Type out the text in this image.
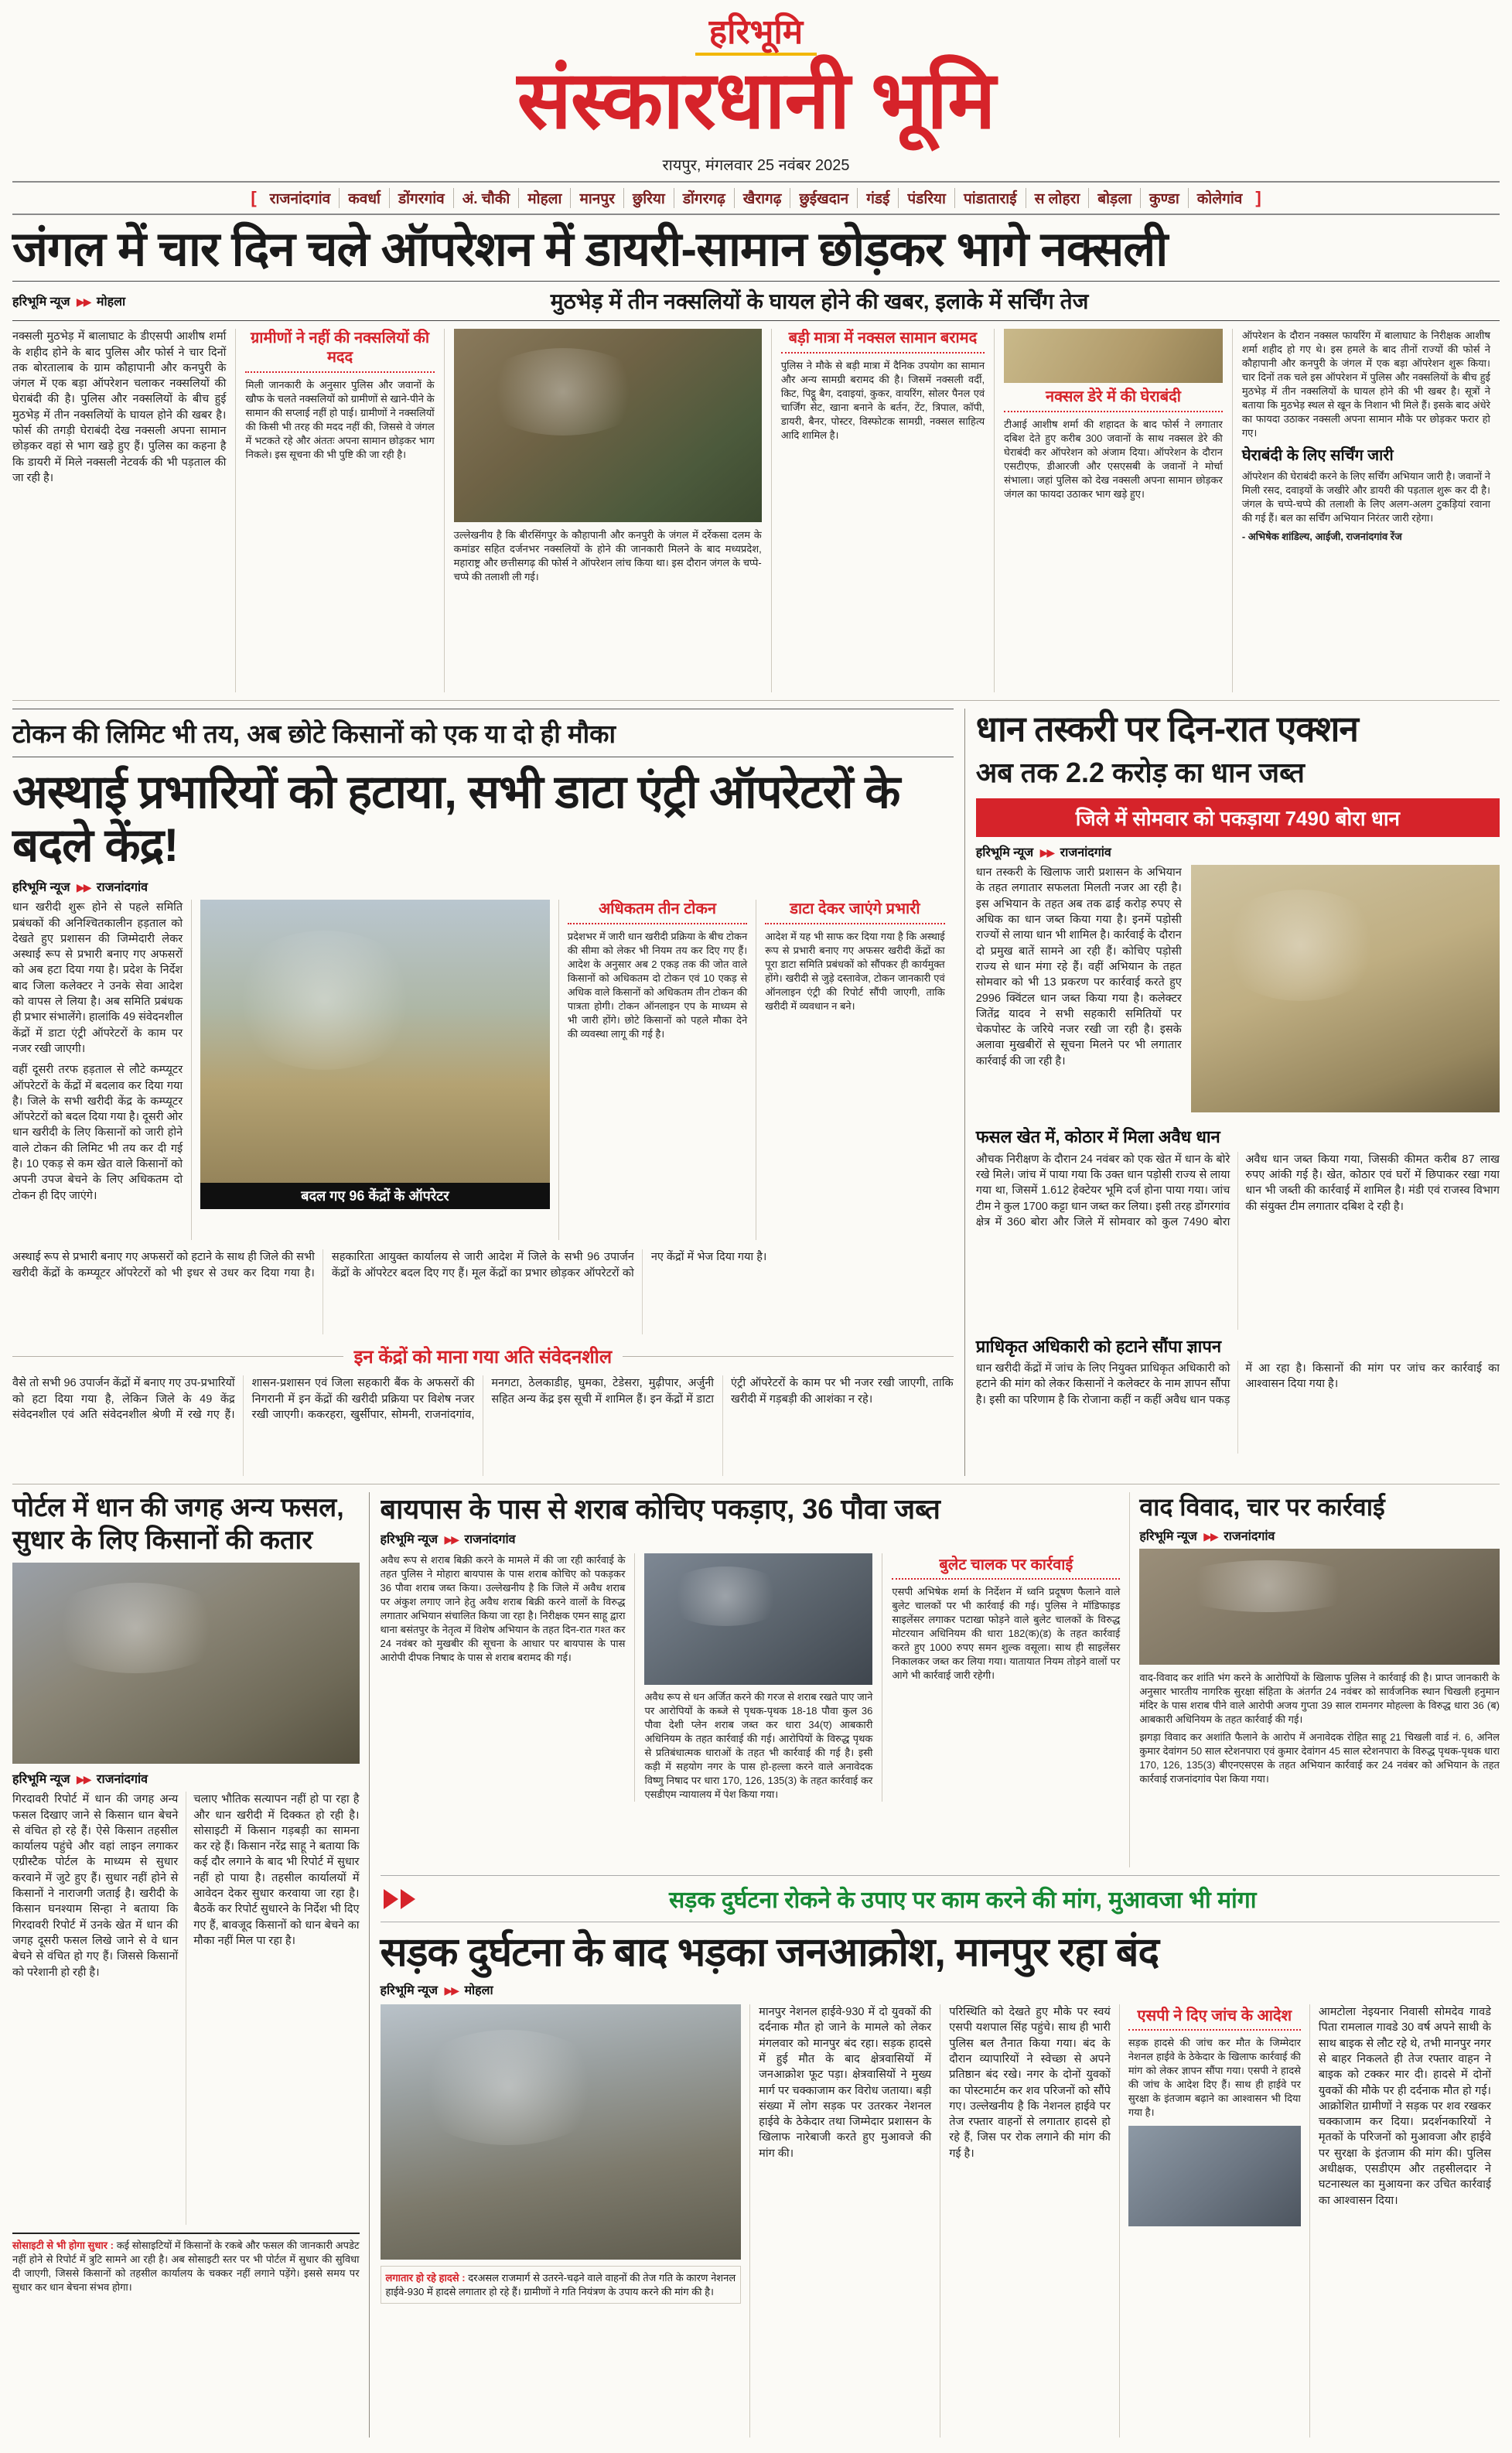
हरिभूमि
संस्कारधानी भूमि
रायपुर, मंगलवार 25 नवंबर 2025
[ राजनांदगांव कवर्धा डोंगरगांव अं. चौकी मोहला मानपुर छुरिया डोंगरगढ़ खैरागढ़ छुईखदान गंडई पंडरिया पांडाताराई स लोहरा बोड़ला कुण्डा कोलेगांव ]
जंगल में चार दिन चले ऑपरेशन में डायरी-सामान छोड़कर भागे नक्सली
हरिभूमि न्यूज ▶▶ मोहला	मुठभेड़ में तीन नक्सलियों के घायल होने की खबर, इलाके में सर्चिंग तेज

नक्सली मुठभेड़ में बालाघाट के डीएसपी आशीष शर्मा के शहीद होने के बाद पुलिस और फोर्स ने चार दिनों तक बोरतालाब के ग्राम कौहापानी और कनपुरी के जंगल में एक बड़ा ऑपरेशन चलाकर नक्सलियों की घेराबंदी की है। पुलिस और नक्सलियों के बीच हुई मुठभेड़ में तीन नक्सलियों के घायल होने की खबर है। फोर्स की तगड़ी घेराबंदी देख नक्सली अपना सामान छोड़कर वहां से भाग खड़े हुए हैं। पुलिस का कहना है कि डायरी में मिले नक्सली नेटवर्क की भी पड़ताल की जा रही है।

ग्रामीणों ने नहीं की नक्सलियों की मदद

मिली जानकारी के अनुसार पुलिस और जवानों के खौफ के चलते नक्सलियों को ग्रामीणों से खाने-पीने के सामान की सप्लाई नहीं हो पाई। ग्रामीणों ने नक्सलियों की किसी भी तरह की मदद नहीं की, जिससे वे जंगल में भटकते रहे और अंततः अपना सामान छोड़कर भाग निकले। इस सूचना की भी पुष्टि की जा रही है।

उल्लेखनीय है कि बीरसिंगपुर के कौहापानी और कनपुरी के जंगल में दर्रेकसा दलम के कमांडर सहित दर्जनभर नक्सलियों के होने की जानकारी मिलने के बाद मध्यप्रदेश, महाराष्ट्र और छत्तीसगढ़ की फोर्स ने ऑपरेशन लांच किया था। इस दौरान जंगल के चप्पे-चप्पे की तलाशी ली गई।

बड़ी मात्रा में नक्सल सामान बरामद

पुलिस ने मौके से बड़ी मात्रा में दैनिक उपयोग का सामान और अन्य सामग्री बरामद की है। जिसमें नक्सली वर्दी, किट, पिट्ठू बैग, दवाइयां, कुकर, वायरिंग, सोलर पैनल एवं चार्जिंग सेट, खाना बनाने के बर्तन, टेंट, त्रिपाल, कॉपी, डायरी, बैनर, पोस्टर, विस्फोटक सामग्री, नक्सल साहित्य आदि शामिल है।

नक्सल डेरे में की घेराबंदी

टीआई आशीष शर्मा की शहादत के बाद फोर्स ने लगातार दबिश देते हुए करीब 300 जवानों के साथ नक्सल डेरे की घेराबंदी कर ऑपरेशन को अंजाम दिया। ऑपरेशन के दौरान एसटीएफ, डीआरजी और एसएसबी के जवानों ने मोर्चा संभाला। जहां पुलिस को देख नक्सली अपना सामान छोड़कर जंगल का फायदा उठाकर भाग खड़े हुए।

ऑपरेशन के दौरान नक्सल फायरिंग में बालाघाट के निरीक्षक आशीष शर्मा शहीद हो गए थे। इस हमले के बाद तीनों राज्यों की फोर्स ने कौहापानी और कनपुरी के जंगल में एक बड़ा ऑपरेशन शुरू किया। चार दिनों तक चले इस ऑपरेशन में पुलिस और नक्सलियों के बीच हुई मुठभेड़ में तीन नक्सलियों के घायल होने की भी खबर है। सूत्रों ने बताया कि मुठभेड़ स्थल से खून के निशान भी मिले हैं। इसके बाद अंधेरे का फायदा उठाकर नक्सली अपना सामान मौके पर छोड़कर फरार हो गए।

घेराबंदी के लिए सर्चिंग जारी

ऑपरेशन की घेराबंदी करने के लिए सर्चिंग अभियान जारी है। जवानों ने मिली रसद, दवाइयों के जखीरे और डायरी की पड़ताल शुरू कर दी है। जंगल के चप्पे-चप्पे की तलाशी के लिए अलग-अलग टुकड़ियां रवाना की गई हैं। बल का सर्चिंग अभियान निरंतर जारी रहेगा।

- अभिषेक शांडिल्य, आईजी, राजनांदगांव रेंज

टोकन की लिमिट भी तय, अब छोटे किसानों को एक या दो ही मौका
अस्थाई प्रभारियों को हटाया, सभी डाटा एंट्री ऑपरेटरों के बदले केंद्र!
हरिभूमि न्यूज ▶▶ राजनांदगांव

धान खरीदी शुरू होने से पहले समिति प्रबंधकों की अनिश्चितकालीन हड़ताल को देखते हुए प्रशासन की जिम्मेदारी लेकर अस्थाई रूप से प्रभारी बनाए गए अफसरों को अब हटा दिया गया है। प्रदेश के निर्देश बाद जिला कलेक्टर ने उनके सेवा आदेश को वापस ले लिया है। अब समिति प्रबंधक ही प्रभार संभालेंगे। हालांकि 49 संवेदनशील केंद्रों में डाटा एंट्री ऑपरेटरों के काम पर नजर रखी जाएगी।

वहीं दूसरी तरफ हड़ताल से लौटे कम्प्यूटर ऑपरेटरों के केंद्रों में बदलाव कर दिया गया है। जिले के सभी खरीदी केंद्र के कम्प्यूटर ऑपरेटरों को बदल दिया गया है। दूसरी ओर धान खरीदी के लिए किसानों को जारी होने वाले टोकन की लिमिट भी तय कर दी गई है। 10 एकड़ से कम खेत वाले किसानों को अपनी उपज बेचने के लिए अधिकतम दो टोकन ही दिए जाएंगे।	बदल गए 96 केंद्रों के ऑपरेटर
अधिकतम तीन टोकन

प्रदेशभर में जारी धान खरीदी प्रक्रिया के बीच टोकन की सीमा को लेकर भी नियम तय कर दिए गए हैं। आदेश के अनुसार अब 2 एकड़ तक की जोत वाले किसानों को अधिकतम दो टोकन एवं 10 एकड़ से अधिक वाले किसानों को अधिकतम तीन टोकन की पात्रता होगी। टोकन ऑनलाइन एप के माध्यम से भी जारी होंगे। छोटे किसानों को पहले मौका देने की व्यवस्था लागू की गई है।

डाटा देकर जाएंगे प्रभारी

आदेश में यह भी साफ कर दिया गया है कि अस्थाई रूप से प्रभारी बनाए गए अफसर खरीदी केंद्रों का पूरा डाटा समिति प्रबंधकों को सौंपकर ही कार्यमुक्त होंगे। खरीदी से जुड़े दस्तावेज, टोकन जानकारी एवं ऑनलाइन एंट्री की रिपोर्ट सौंपी जाएगी, ताकि खरीदी में व्यवधान न बने।

अस्थाई रूप से प्रभारी बनाए गए अफसरों को हटाने के साथ ही जिले की सभी खरीदी केंद्रों के कम्प्यूटर ऑपरेटरों को भी इधर से उधर कर दिया गया है। सहकारिता आयुक्त कार्यालय से जारी आदेश में जिले के सभी 96 उपार्जन केंद्रों के ऑपरेटर बदल दिए गए हैं। मूल केंद्रों का प्रभार छोड़कर ऑपरेटरों को नए केंद्रों में भेज दिया गया है।

इन केंद्रों को माना गया अति संवेदनशील

वैसे तो सभी 96 उपार्जन केंद्रों में बनाए गए उप-प्रभारियों को हटा दिया गया है, लेकिन जिले के 49 केंद्र संवेदनशील एवं अति संवेदनशील श्रेणी में रखे गए हैं। शासन-प्रशासन एवं जिला सहकारी बैंक के अफसरों की निगरानी में इन केंद्रों की खरीदी प्रक्रिया पर विशेष नजर रखी जाएगी। ककरहरा, खुर्सीपार, सोमनी, राजनांदगांव, मनगटा, ठेलकाडीह, घुमका, टेडेसरा, मुढ़ीपार, अर्जुनी सहित अन्य केंद्र इस सूची में शामिल हैं। इन केंद्रों में डाटा एंट्री ऑपरेटरों के काम पर भी नजर रखी जाएगी, ताकि खरीदी में गड़बड़ी की आशंका न रहे।

धान तस्करी पर दिन-रात एक्शन
अब तक 2.2 करोड़ का धान जब्त
जिले में सोमवार को पकड़ाया 7490 बोरा धान
हरिभूमि न्यूज ▶▶ राजनांदगांव

धान तस्करी के खिलाफ जारी प्रशासन के अभियान के तहत लगातार सफलता मिलती नजर आ रही है। इस अभियान के तहत अब तक ढाई करोड़ रुपए से अधिक का धान जब्त किया गया है। इनमें पड़ोसी राज्यों से लाया धान भी शामिल है। कार्रवाई के दौरान दो प्रमुख बातें सामने आ रही हैं। कोचिए पड़ोसी राज्य से धान मंगा रहे हैं। वहीं अभियान के तहत सोमवार को भी 13 प्रकरण पर कार्रवाई करते हुए 2996 क्विंटल धान जब्त किया गया है। कलेक्टर जितेंद्र यादव ने सभी सहकारी समितियों पर चेकपोस्ट के जरिये नजर रखी जा रही है। इसके अलावा मुखबीरों से सूचना मिलने पर भी लगातार कार्रवाई की जा रही है।

फसल खेत में, कोठार में मिला अवैध धान

औचक निरीक्षण के दौरान 24 नवंबर को एक खेत में धान के बोरे रखे मिले। जांच में पाया गया कि उक्त धान पड़ोसी राज्य से लाया गया था, जिसमें 1.612 हेक्टेयर भूमि दर्ज होना पाया गया। जांच टीम ने कुल 1700 कट्टा धान जब्त कर लिया। इसी तरह डोंगरगांव क्षेत्र में 360 बोरा और जिले में सोमवार को कुल 7490 बोरा अवैध धान जब्त किया गया, जिसकी कीमत करीब 87 लाख रुपए आंकी गई है। खेत, कोठार एवं घरों में छिपाकर रखा गया धान भी जब्ती की कार्रवाई में शामिल है। मंडी एवं राजस्व विभाग की संयुक्त टीम लगातार दबिश दे रही है।

प्राधिकृत अधिकारी को हटाने सौंपा ज्ञापन

धान खरीदी केंद्रों में जांच के लिए नियुक्त प्राधिकृत अधिकारी को हटाने की मांग को लेकर किसानों ने कलेक्टर के नाम ज्ञापन सौंपा है। इसी का परिणाम है कि रोजाना कहीं न कहीं अवैध धान पकड़ में आ रहा है। किसानों की मांग पर जांच कर कार्रवाई का आश्वासन दिया गया है।

पोर्टल में धान की जगह अन्य फसल, सुधार के लिए किसानों की कतार
हरिभूमि न्यूज ▶▶ राजनांदगांव

गिरदावरी रिपोर्ट में धान की जगह अन्य फसल दिखाए जाने से किसान धान बेचने से वंचित हो रहे हैं। ऐसे किसान तहसील कार्यालय पहुंचे और वहां लाइन लगाकर एग्रीस्टैक पोर्टल के माध्यम से सुधार करवाने में जुटे हुए हैं। सुधार नहीं होने से किसानों ने नाराजगी जताई है। खरीदी के किसान घनश्याम सिन्हा ने बताया कि गिरदावरी रिपोर्ट में उनके खेत में धान की जगह दूसरी फसल लिखे जाने से वे धान बेचने से वंचित हो गए हैं। जिससे किसानों को परेशानी हो रही है।

चलाए भौतिक सत्यापन नहीं हो पा रहा है और धान खरीदी में दिक्कत हो रही है। सोसाइटी में किसान गड़बड़ी का सामना कर रहे हैं। किसान नरेंद्र साहू ने बताया कि कई दौर लगाने के बाद भी रिपोर्ट में सुधार नहीं हो पाया है। तहसील कार्यालयों में आवेदन देकर सुधार करवाया जा रहा है। बैठकें कर रिपोर्ट सुधारने के निर्देश भी दिए गए हैं, बावजूद किसानों को धान बेचने का मौका नहीं मिल पा रहा है।

सोसाइटी से भी होगा सुधार : कई सोसाइटियों में किसानों के रकबे और फसल की जानकारी अपडेट नहीं होने से रिपोर्ट में त्रुटि सामने आ रही है। अब सोसाइटी स्तर पर भी पोर्टल में सुधार की सुविधा दी जाएगी, जिससे किसानों को तहसील कार्यालय के चक्कर नहीं लगाने पड़ेंगे। इससे समय पर सुधार कर धान बेचना संभव होगा।

बायपास के पास से शराब कोचिए पकड़ाए, 36 पौवा जब्त
हरिभूमि न्यूज ▶▶ राजनांदगांव

अवैध रूप से शराब बिक्री करने के मामले में की जा रही कार्रवाई के तहत पुलिस ने मोहारा बायपास के पास शराब कोचिए को पकड़कर 36 पौवा शराब जब्त किया। उल्लेखनीय है कि जिले में अवैध शराब पर अंकुश लगाए जाने हेतु अवैध शराब बिक्री करने वालों के विरुद्ध लगातार अभियान संचालित किया जा रहा है। निरीक्षक एमन साहू द्वारा थाना बसंतपुर के नेतृत्व में विशेष अभियान के तहत दिन-रात गश्त कर 24 नवंबर को मुखबीर की सूचना के आधार पर बायपास के पास आरोपी दीपक निषाद के पास से शराब बरामद की गई।

अवैध रूप से धन अर्जित करने की गरज से शराब रखते पाए जाने पर आरोपियों के कब्जे से पृथक-पृथक 18-18 पौवा कुल 36 पौवा देशी प्लेन शराब जब्त कर धारा 34(ए) आबकारी अधिनियम के तहत कार्रवाई की गई। आरोपियों के विरुद्ध पृथक से प्रतिबंधात्मक धाराओं के तहत भी कार्रवाई की गई है। इसी कड़ी में सहयोग नगर के पास हो-हल्ला करने वाले अनावेदक विष्णु निषाद पर धारा 170, 126, 135(3) के तहत कार्रवाई कर एसडीएम न्यायालय में पेश किया गया।

बुलेट चालक पर कार्रवाई

एसपी अभिषेक शर्मा के निर्देशन में ध्वनि प्रदूषण फैलाने वाले बुलेट चालकों पर भी कार्रवाई की गई। पुलिस ने मॉडिफाइड साइलेंसर लगाकर पटाखा फोड़ने वाले बुलेट चालकों के विरुद्ध मोटरयान अधिनियम की धारा 182(क)(ड) के तहत कार्रवाई करते हुए 1000 रुपए समन शुल्क वसूला। साथ ही साइलेंसर निकालकर जब्त कर लिया गया। यातायात नियम तोड़ने वालों पर आगे भी कार्रवाई जारी रहेगी।

वाद विवाद, चार पर कार्रवाई
हरिभूमि न्यूज ▶▶ राजनांदगांव

वाद-विवाद कर शांति भंग करने के आरोपियों के खिलाफ पुलिस ने कार्रवाई की है। प्राप्त जानकारी के अनुसार भारतीय नागरिक सुरक्षा संहिता के अंतर्गत 24 नवंबर को सार्वजनिक स्थान चिखली हनुमान मंदिर के पास शराब पीने वाले आरोपी अजय गुप्ता 39 साल रामनगर मोहल्ला के विरुद्ध धारा 36 (ब) आबकारी अधिनियम के तहत कार्रवाई की गई।

झगड़ा विवाद कर अशांति फैलाने के आरोप में अनावेदक रोहित साहू 21 चिखली वार्ड नं. 6, अनिल कुमार देवांगन 50 साल स्टेशनपारा एवं कुमार देवांगन 45 साल स्टेशनपारा के विरुद्ध पृथक-पृथक धारा 170, 126, 135(3) बीएनएसएस के तहत अभियान कार्रवाई कर 24 नवंबर को अभियान के तहत कार्रवाई राजनांदगांव पेश किया गया।

सड़क दुर्घटना रोकने के उपाए पर काम करने की मांग, मुआवजा भी मांगा
सड़क दुर्घटना के बाद भड़का जनआक्रोश, मानपुर रहा बंद
हरिभूमि न्यूज ▶▶ मोहला
लगातार हो रहे हादसे : दरअसल राजमार्ग से उतरने-चढ़ने वाले वाहनों की तेज गति के कारण नेशनल हाईवे-930 में हादसे लगातार हो रहे हैं। ग्रामीणों ने गति नियंत्रण के उपाय करने की मांग की है।

मानपुर नेशनल हाईवे-930 में दो युवकों की दर्दनाक मौत हो जाने के मामले को लेकर मंगलवार को मानपुर बंद रहा। सड़क हादसे में हुई मौत के बाद क्षेत्रवासियों में जनआक्रोश फूट पड़ा। क्षेत्रवासियों ने मुख्य मार्ग पर चक्काजाम कर विरोध जताया। बड़ी संख्या में लोग सड़क पर उतरकर नेशनल हाईवे के ठेकेदार तथा जिम्मेदार प्रशासन के खिलाफ नारेबाजी करते हुए मुआवजे की मांग की।

परिस्थिति को देखते हुए मौके पर स्वयं एसपी यशपाल सिंह पहुंचे। साथ ही भारी पुलिस बल तैनात किया गया। बंद के दौरान व्यापारियों ने स्वेच्छा से अपने प्रतिष्ठान बंद रखे। नगर के दोनों युवकों का पोस्टमार्टम कर शव परिजनों को सौंपे गए। उल्लेखनीय है कि नेशनल हाईवे पर तेज रफ्तार वाहनों से लगातार हादसे हो रहे हैं, जिस पर रोक लगाने की मांग की गई है।

एसपी ने दिए जांच के आदेश

सड़क हादसे की जांच कर मौत के जिम्मेदार नेशनल हाईवे के ठेकेदार के खिलाफ कार्रवाई की मांग को लेकर ज्ञापन सौंपा गया। एसपी ने हादसे की जांच के आदेश दिए हैं। साथ ही हाईवे पर सुरक्षा के इंतजाम बढ़ाने का आश्वासन भी दिया गया है।

आमटोला नेइयनार निवासी सोमदेव गावडे पिता रामलाल गावडे 30 वर्ष अपने साथी के साथ बाइक से लौट रहे थे, तभी मानपुर नगर से बाहर निकलते ही तेज रफ्तार वाहन ने बाइक को टक्कर मार दी। हादसे में दोनों युवकों की मौके पर ही दर्दनाक मौत हो गई। आक्रोशित ग्रामीणों ने सड़क पर शव रखकर चक्काजाम कर दिया। प्रदर्शनकारियों ने मृतकों के परिजनों को मुआवजा और हाईवे पर सुरक्षा के इंतजाम की मांग की। पुलिस अधीक्षक, एसडीएम और तहसीलदार ने घटनास्थल का मुआयना कर उचित कार्रवाई का आश्वासन दिया।
